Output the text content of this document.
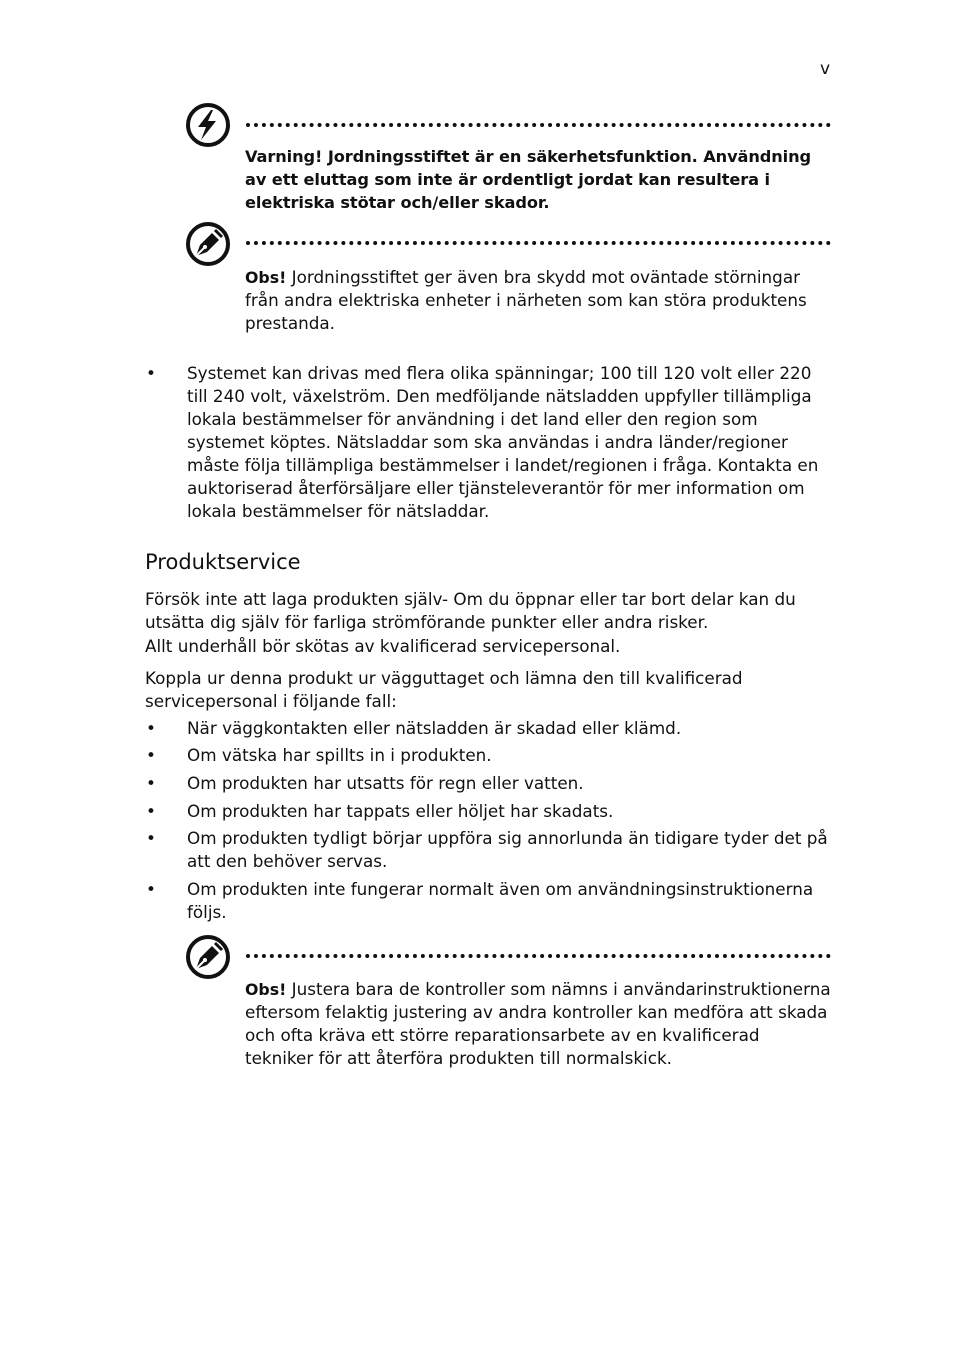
v

Varning! Jordningsstiftet är en säkerhetsfunktion. Användning av ett eluttag som inte är ordentligt jordat kan resultera i elektriska stötar och/eller skador.

Obs! Jordningsstiftet ger även bra skydd mot oväntade störningar från andra elektriska enheter i närheten som kan störa produktens prestanda.

•	Systemet kan drivas med flera olika spänningar; 100 till 120 volt eller 220 till 240 volt, växelström. Den medföljande nätsladden uppfyller tillämpliga lokala bestämmelser för användning i det land eller den region som systemet köptes. Nätsladdar som ska användas i andra länder/regioner måste följa tillämpliga bestämmelser i landet/regionen i fråga. Kontakta en auktoriserad återförsäljare eller tjänsteleverantör för mer information om lokala bestämmelser för nätsladdar.

Produktservice

Försök inte att laga produkten själv- Om du öppnar eller tar bort delar kan du utsätta dig själv för farliga strömförande punkter eller andra risker.

Allt underhåll bör skötas av kvalificerad servicepersonal.

Koppla ur denna produkt ur vägguttaget och lämna den till kvalificerad servicepersonal i följande fall:

•	När väggkontakten eller nätsladden är skadad eller klämd.

•	Om vätska har spillts in i produkten.

•	Om produkten har utsatts för regn eller vatten.

•	Om produkten har tappats eller höljet har skadats.

•	Om produkten tydligt börjar uppföra sig annorlunda än tidigare tyder det på att den behöver servas.

•	Om produkten inte fungerar normalt även om användningsinstruktionerna följs.

Obs! Justera bara de kontroller som nämns i användarinstruktionerna eftersom felaktig justering av andra kontroller kan medföra att skada och ofta kräva ett större reparationsarbete av en kvalificerad tekniker för att återföra produkten till normalskick.
